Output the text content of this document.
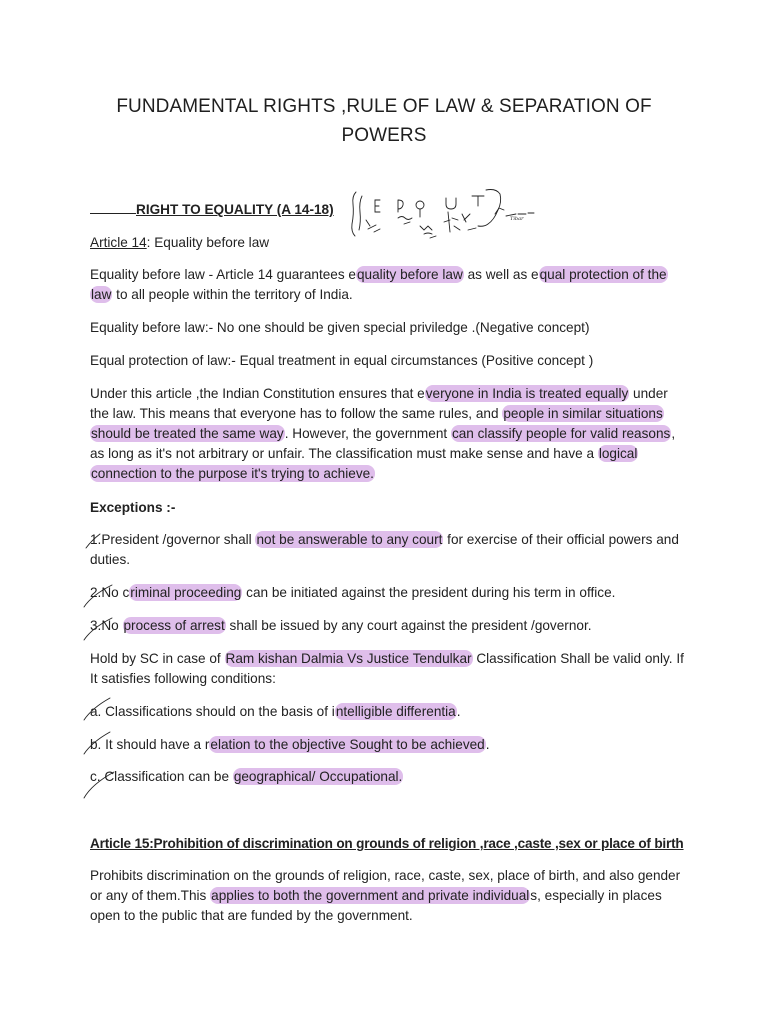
FUNDAMENTAL RIGHTS ,RULE OF LAW & SEPARATION OF
POWERS

RIGHT TO EQUALITY (A 14-18)

Tibar

Article 14: Equality before law

Equality before law - Article 14 guarantees equality before law as well as equal protection of the law to all people within the territory of India.

Equality before law:- No one should be given special priviledge .(Negative concept)

Equal protection of law:- Equal treatment in equal circumstances (Positive concept )

Under this article ,the Indian Constitution ensures that everyone in India is treated equally under the law. This means that everyone has to follow the same rules, and people in similar situations should be treated the same way. However, the government can classify people for valid reasons, as long as it's not arbitrary or unfair. The classification must make sense and have a logical connection to the purpose it's trying to achieve.

Exceptions :-

1.President /governor shall not be answerable to any court for exercise of their official powers and duties.

2.No criminal proceeding can be initiated against the president during his term in office.

3.No process of arrest shall be issued by any court against the president /governor.

Hold by SC in case of Ram kishan Dalmia Vs Justice Tendulkar Classification Shall be valid only. If It satisfies following conditions:

a. Classifications should on the basis of intelligible differentia.

b. It should have a relation to the objective Sought to be achieved.

c. Classification can be geographical/ Occupational.

Article 15:Prohibition of discrimination on grounds of religion ,race ,caste ,sex or place of birth

Prohibits discrimination on the grounds of religion, race, caste, sex, place of birth, and also gender or any of them.This applies to both the government and private individuals, especially in places open to the public that are funded by the government.
